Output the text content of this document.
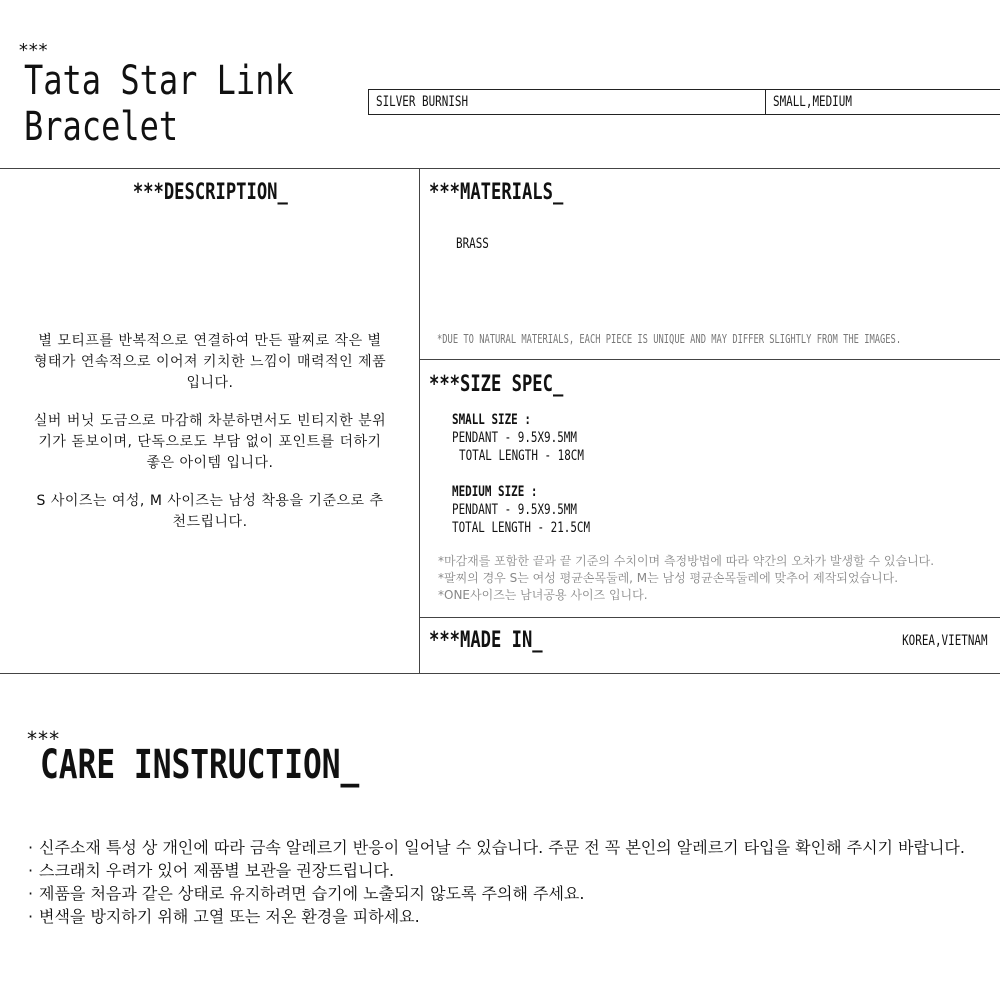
***
Tata Star Link
Bracelet
SILVER BURNISH	SMALL,MEDIUM
***DESCRIPTION_
별 모티프를 반복적으로 연결하여 만든 팔찌로 작은 별 형태가 연속적으로 이어져 키치한 느낌이 매력적인 제품입니다.
실버 버닛 도금으로 마감해 차분하면서도 빈티지한 분위기가 돋보이며, 단독으로도 부담 없이 포인트를 더하기 좋은 아이템 입니다.
S 사이즈는 여성, M 사이즈는 남성 착용을 기준으로 추천드립니다.
***MATERIALS_
BRASS
*DUE TO NATURAL MATERIALS, EACH PIECE IS UNIQUE AND MAY DIFFER SLIGHTLY FROM THE IMAGES.
***SIZE SPEC_
SMALL SIZE :
PENDANT - 9.5X9.5MM
TOTAL LENGTH - 18CM
MEDIUM SIZE :
PENDANT - 9.5X9.5MM
TOTAL LENGTH - 21.5CM
*마감재를 포함한 끝과 끝 기준의 수치이며 측정방법에 따라 약간의 오차가 발생할 수 있습니다.
*팔찌의 경우 S는 여성 평균손목둘레, M는 남성 평균손목둘레에 맞추어 제작되었습니다.
*ONE사이즈는 남녀공용 사이즈 입니다.
***MADE IN_	KOREA,VIETNAM
***
CARE INSTRUCTION_
· 신주소재 특성 상 개인에 따라 금속 알레르기 반응이 일어날 수 있습니다. 주문 전 꼭 본인의 알레르기 타입을 확인해 주시기 바랍니다.
· 스크래치 우려가 있어 제품별 보관을 권장드립니다.
· 제품을 처음과 같은 상태로 유지하려면 습기에 노출되지 않도록 주의해 주세요.
· 변색을 방지하기 위해 고열 또는 저온 환경을 피하세요.
